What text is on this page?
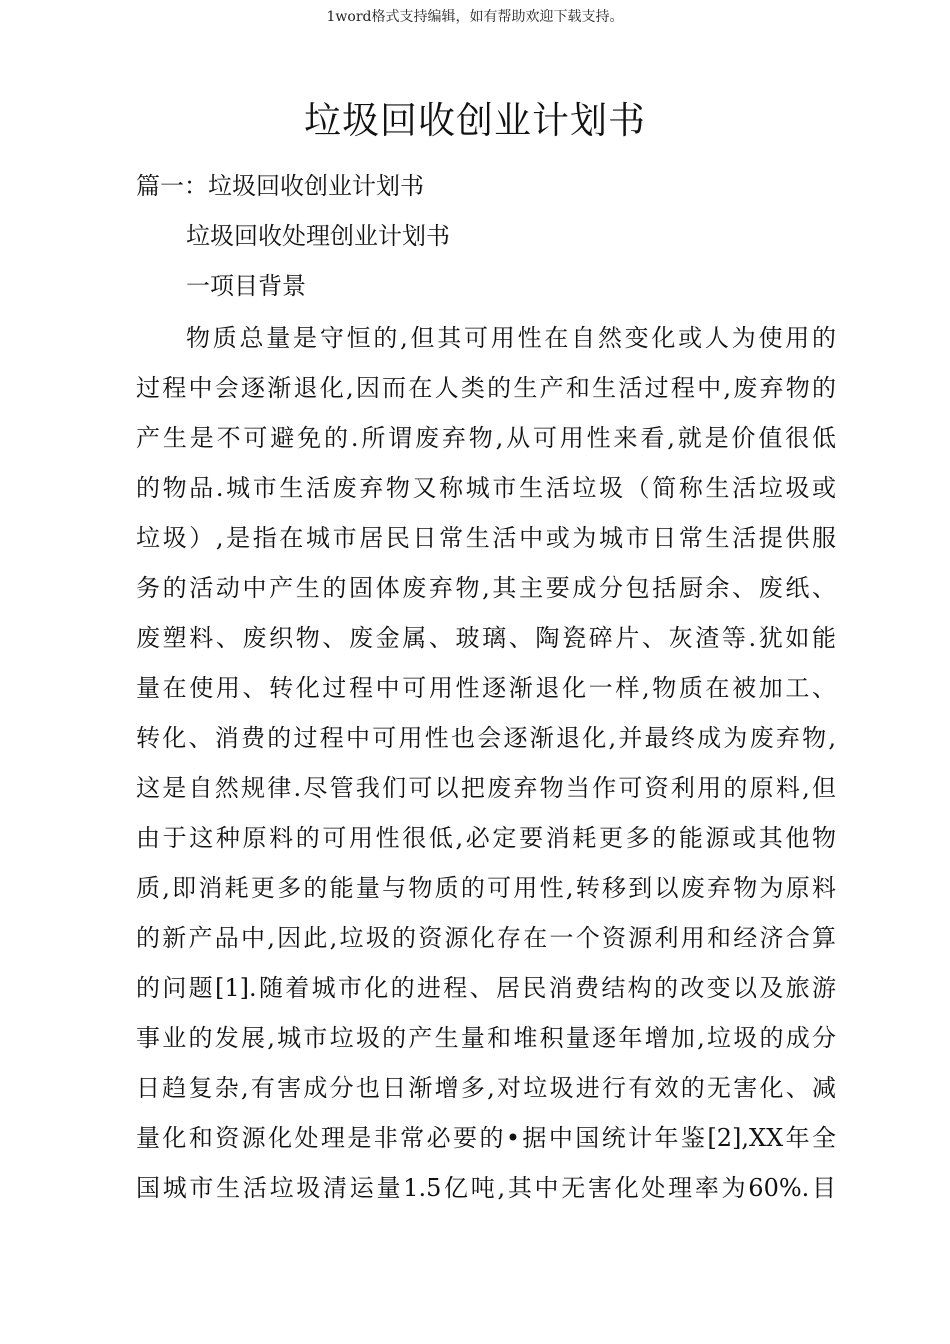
1word格式支持编辑，如有帮助欢迎下载支持。
垃圾回收创业计划书

篇一：垃圾回收创业计划书

垃圾回收处理创业计划书

一项目背景

物质总量是守恒的,但其可用性在自然变化或人为使用的
过程中会逐渐退化,因而在人类的生产和生活过程中,废弃物的
产生是不可避免的.所谓废弃物,从可用性来看,就是价值很低
的物品.城市生活废弃物又称城市生活垃圾（简称生活垃圾或
垃圾）,是指在城市居民日常生活中或为城市日常生活提供服
务的活动中产生的固体废弃物,其主要成分包括厨余、废纸、
废塑料、废织物、废金属、玻璃、陶瓷碎片、灰渣等.犹如能
量在使用、转化过程中可用性逐渐退化一样,物质在被加工、
转化、消费的过程中可用性也会逐渐退化,并最终成为废弃物,
这是自然规律.尽管我们可以把废弃物当作可资利用的原料,但
由于这种原料的可用性很低,必定要消耗更多的能源或其他物
质,即消耗更多的能量与物质的可用性,转移到以废弃物为原料
的新产品中,因此,垃圾的资源化存在一个资源利用和经济合算
的问题[1].随着城市化的进程、居民消费结构的改变以及旅游
事业的发展,城市垃圾的产生量和堆积量逐年增加,垃圾的成分
日趋复杂,有害成分也日渐增多,对垃圾进行有效的无害化、减
量化和资源化处理是非常必要的•据中国统计年鉴[2],XX年全
国城市生活垃圾清运量1.5亿吨,其中无害化处理率为60%.目
